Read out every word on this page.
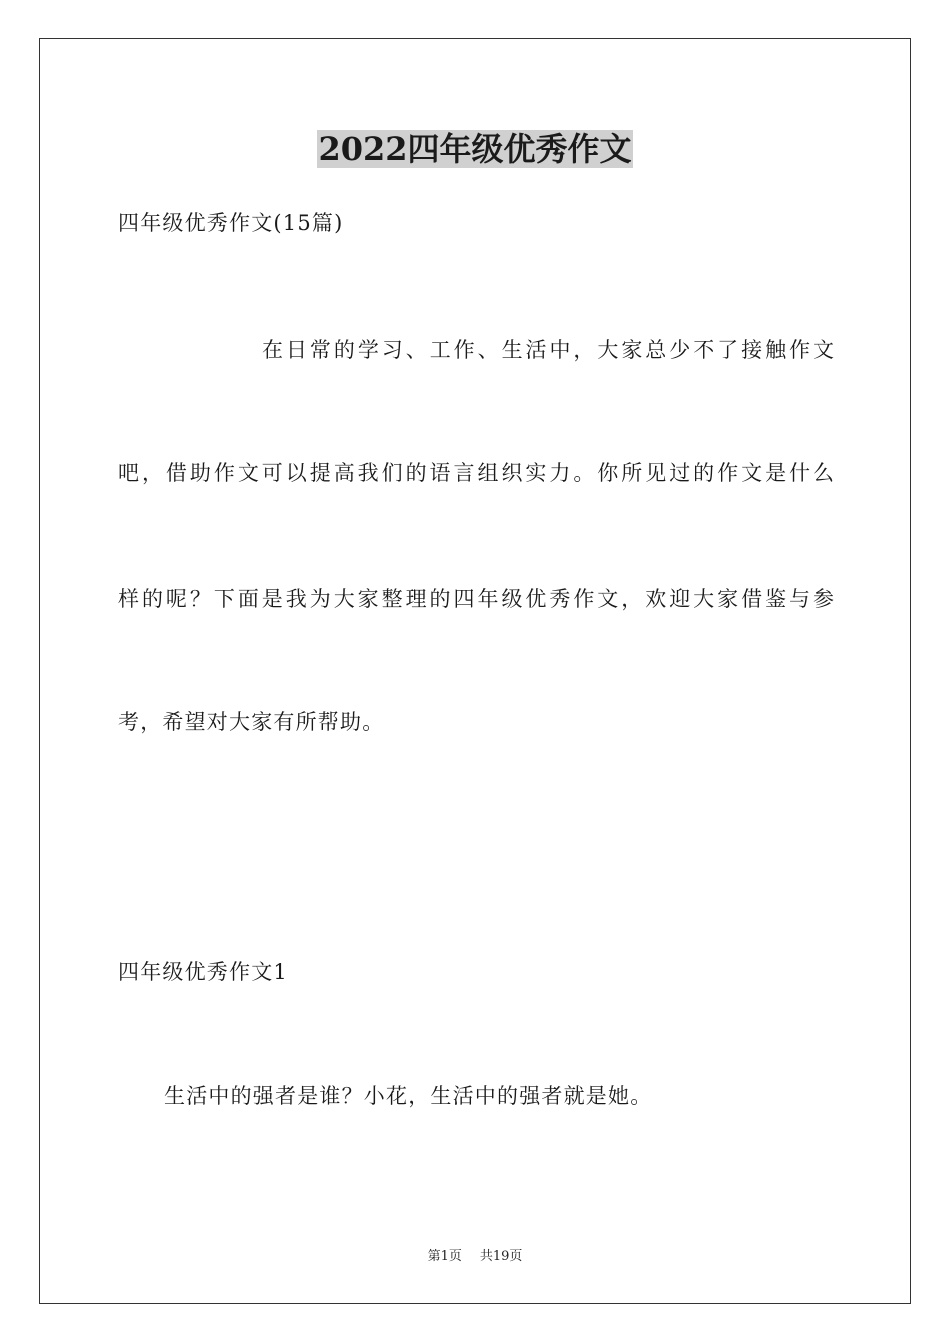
2022四年级优秀作文
四年级优秀作文(15篇)
在日常的学习、工作、生活中，大家总少不了接触作文
吧，借助作文可以提高我们的语言组织实力。你所见过的作文是什么
样的呢？下面是我为大家整理的四年级优秀作文，欢迎大家借鉴与参
考，希望对大家有所帮助。
四年级优秀作文1
生活中的强者是谁？小花，生活中的强者就是她。
第1页 共19页
